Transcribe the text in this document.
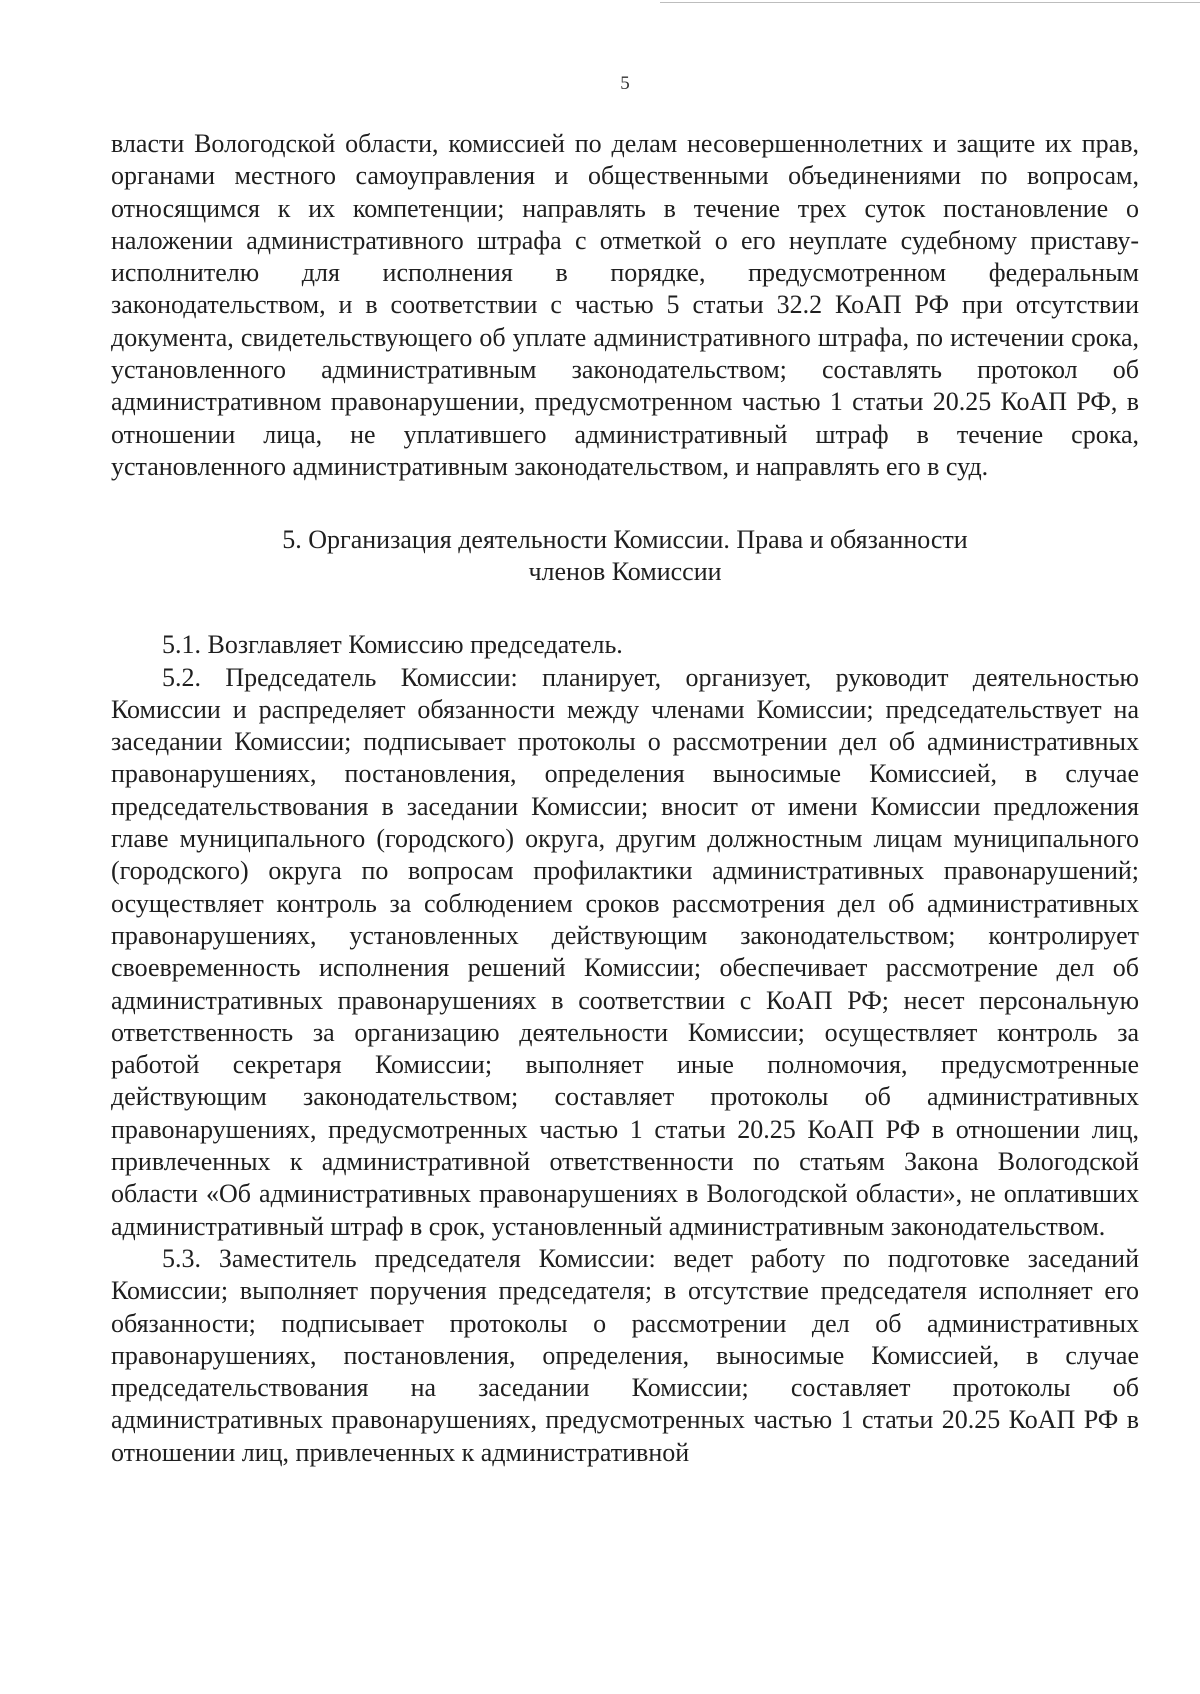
5

власти Вологодской области, комиссией по делам несовершеннолетних и защите их прав, органами местного самоуправления и общественными объединениями по вопросам, относящимся к их компетенции; направлять в течение трех суток постановление о наложении административного штрафа с отметкой о его неуплате судебному приставу-исполнителю для исполнения в порядке, предусмотренном федеральным законодательством, и в соответствии с частью 5 статьи 32.2 КоАП РФ при отсутствии документа, свидетельствующего об уплате административного штрафа, по истечении срока, установленного административным законодательством; составлять протокол об административном правонарушении, предусмотренном частью 1 статьи 20.25 КоАП РФ, в отношении лица, не уплатившего административный штраф в течение срока, установленного административным законодательством, и направлять его в суд.

5. Организация деятельности Комиссии. Права и обязанности
членов Комиссии

5.1. Возглавляет Комиссию председатель.

5.2. Председатель Комиссии: планирует, организует, руководит деятельностью Комиссии и распределяет обязанности между членами Комиссии; председательствует на заседании Комиссии; подписывает протоколы о рассмотрении дел об административных правонарушениях, постановления, определения выносимые Комиссией, в случае председательствования в заседании Комиссии; вносит от имени Комиссии предложения главе муниципального (городского) округа, другим должностным лицам муниципального (городского) округа по вопросам профилактики административных правонарушений; осуществляет контроль за соблюдением сроков рассмотрения дел об административных правонарушениях, установленных действующим законодательством; контролирует своевременность исполнения решений Комиссии; обеспечивает рассмотрение дел об административных правонарушениях в соответствии с КоАП РФ; несет персональную ответственность за организацию деятельности Комиссии; осуществляет контроль за работой секретаря Комиссии; выполняет иные полномочия, предусмотренные действующим законодательством; составляет протоколы об административных правонарушениях, предусмотренных частью 1 статьи 20.25 КоАП РФ в отношении лиц, привлеченных к административной ответственности по статьям Закона Вологодской области «Об административных правонарушениях в Вологодской области», не оплативших административный штраф в срок, установленный административным законодательством.

5.3. Заместитель председателя Комиссии: ведет работу по подготовке заседаний Комиссии; выполняет поручения председателя; в отсутствие председателя исполняет его обязанности; подписывает протоколы о рассмотрении дел об административных правонарушениях, постановления, определения, выносимые Комиссией, в случае председательствования на заседании Комиссии; составляет протоколы об административных правонарушениях, предусмотренных частью 1 статьи 20.25 КоАП РФ в отношении лиц, привлеченных к административной
